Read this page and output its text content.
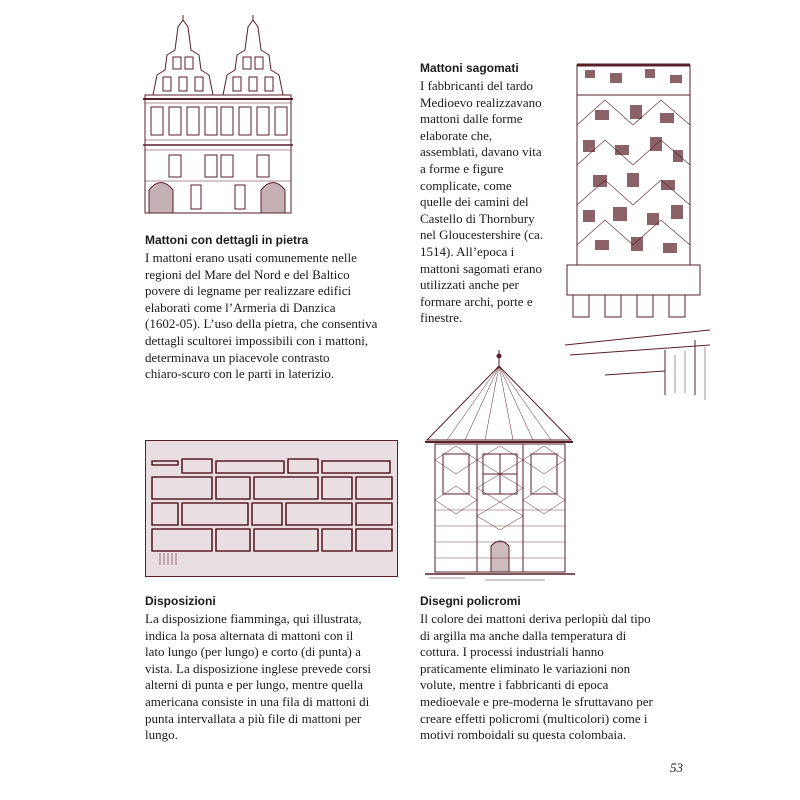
Mattoni sagomati
I fabbricanti del tardo
Medioevo realizzavano
mattoni dalle forme
elaborate che,
assemblati, davano vita
a forme e figure
complicate, come
quelle dei camini del
Castello di Thornbury
nel Gloucestershire (ca.
1514). All’epoca i
mattoni sagomati erano
utilizzati anche per
formare archi, porte e
finestre.
Mattoni con dettagli in pietra
I mattoni erano usati comunemente nelle
regioni del Mare del Nord e del Baltico
povere di legname per realizzare edifici
elaborati come l’Armeria di Danzica
(1602-05). L’uso della pietra, che consentiva
dettagli scultorei impossibili con i mattoni,
determinava un piacevole contrasto
chiaro-scuro con le parti in laterizio.
Disposizioni
La disposizione fiamminga, qui illustrata,
indica la posa alternata di mattoni con il
lato lungo (per lungo) e corto (di punta) a
vista. La disposizione inglese prevede corsi
alterni di punta e per lungo, mentre quella
americana consiste in una fila di mattoni di
punta intervallata a più file di mattoni per
lungo.
Disegni policromi
Il colore dei mattoni deriva perlopiù dal tipo
di argilla ma anche dalla temperatura di
cottura. I processi industriali hanno
praticamente eliminato le variazioni non
volute, mentre i fabbricanti di epoca
medioevale e pre-moderna le sfruttavano per
creare effetti policromi (multicolori) come i
motivi romboidali su questa colombaia.
53
